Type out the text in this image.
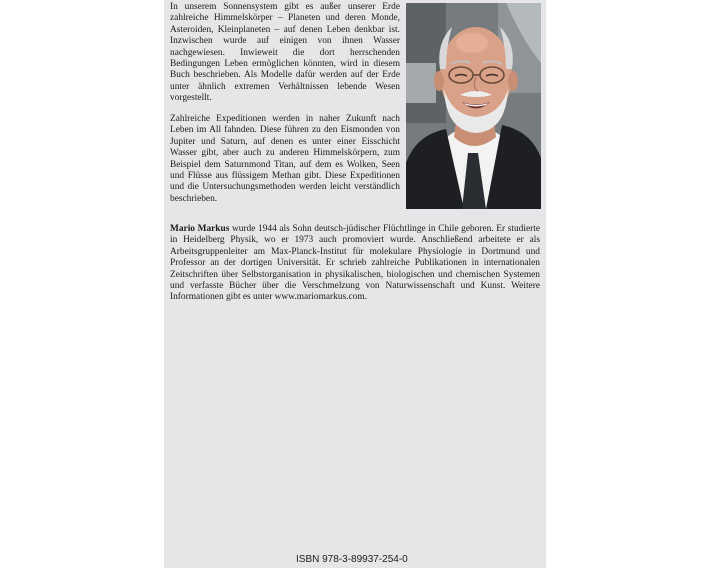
In unserem Sonnensystem gibt es außer unserer Erde zahlreiche Himmelskörper – Planeten und deren Monde, Asteroiden, Kleinplaneten – auf denen Leben denkbar ist. Inzwischen wurde auf einigen von ihnen Wasser nachgewiesen. Inwieweit die dort herrschenden Bedingungen Leben ermöglichen könnten, wird in diesem Buch beschrieben. Als Modelle dafür werden auf der Erde unter ähnlich extremen Verhältnissen lebende Wesen vorgestellt.

Zahlreiche Expeditionen werden in naher Zukunft nach Leben im All fahnden. Diese führen zu den Eismonden von Jupiter und Saturn, auf denen es unter einer Eisschicht Wasser gibt, aber auch zu anderen Himmelskörpern, zum Beispiel dem Saturnmond Titan, auf dem es Wolken, Seen und Flüsse aus flüssigem Methan gibt. Diese Expeditionen und die Untersuchungsmethoden werden leicht verständlich beschrieben.

Mario Markus wurde 1944 als Sohn deutsch-jüdischer Flüchtlinge in Chile geboren. Er studierte in Heidelberg Physik, wo er 1973 auch promoviert wurde. Anschließend arbeitete er als Arbeitsgruppenleiter am Max-Planck-Institut für molekulare Physiologie in Dortmund und Professor an der dortigen Universität. Er schrieb zahlreiche Publikationen in internationalen Zeitschriften über Selbstorganisation in physikalischen, biologischen und chemischen Systemen und verfasste Bücher über die Verschmelzung von Naturwissenschaft und Kunst. Weitere Informationen gibt es unter www.mariomarkus.com.

ISBN 978-3-89937-254-0
